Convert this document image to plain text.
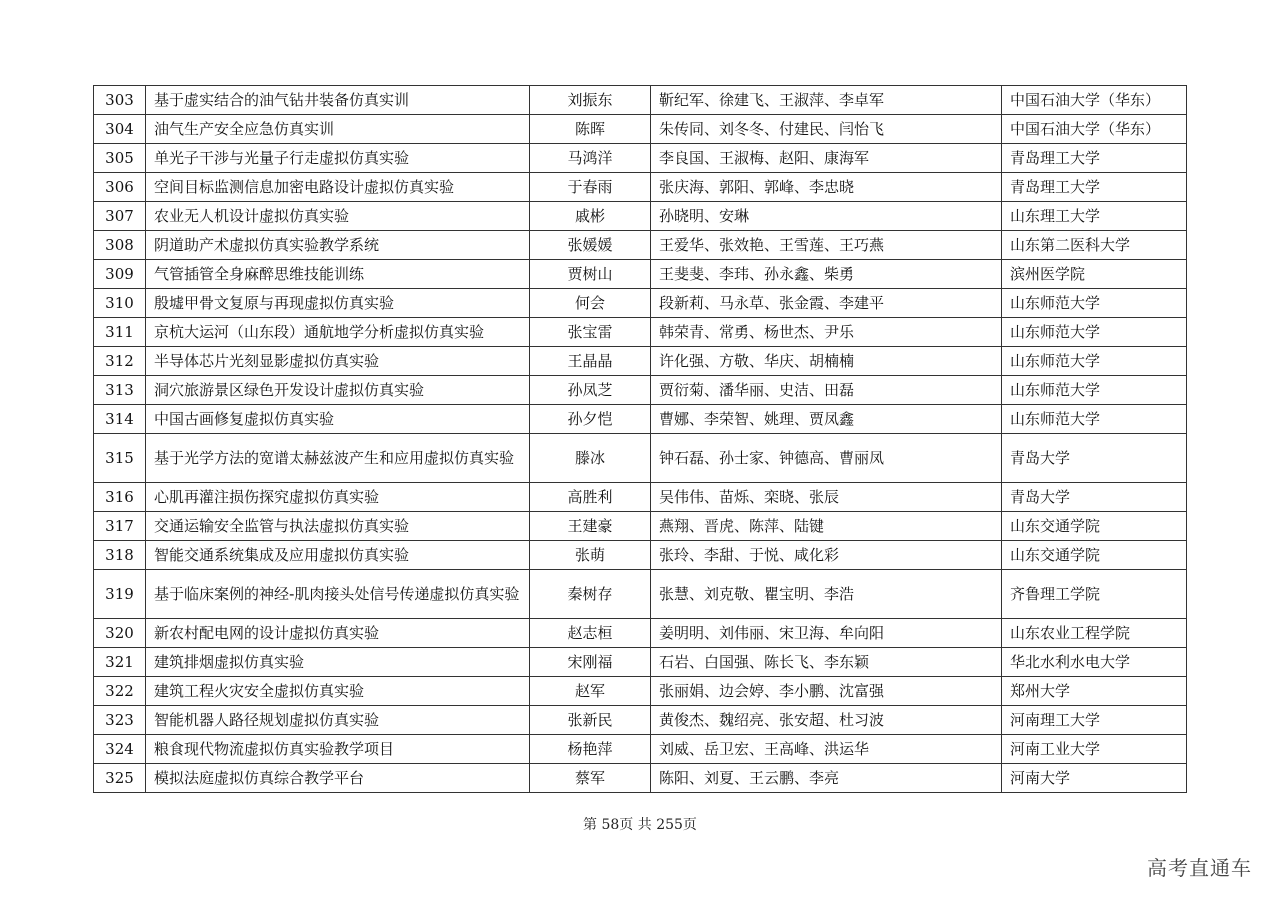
303	基于虚实结合的油气钻井装备仿真实训	刘振东	靳纪军、徐建飞、王淑萍、李卓军	中国石油大学（华东）
304	油气生产安全应急仿真实训	陈晖	朱传同、刘冬冬、付建民、闫怡飞	中国石油大学（华东）
305	单光子干涉与光量子行走虚拟仿真实验	马鸿洋	李良国、王淑梅、赵阳、康海军	青岛理工大学
306	空间目标监测信息加密电路设计虚拟仿真实验	于春雨	张庆海、郭阳、郭峰、李忠晓	青岛理工大学
307	农业无人机设计虚拟仿真实验	戚彬	孙晓明、安琳	山东理工大学
308	阴道助产术虚拟仿真实验教学系统	张媛媛	王爱华、张效艳、王雪莲、王巧燕	山东第二医科大学
309	气管插管全身麻醉思维技能训练	贾树山	王斐斐、李玮、孙永鑫、柴勇	滨州医学院
310	殷墟甲骨文复原与再现虚拟仿真实验	何会	段新莉、马永草、张金霞、李建平	山东师范大学
311	京杭大运河（山东段）通航地学分析虚拟仿真实验	张宝雷	韩荣青、常勇、杨世杰、尹乐	山东师范大学
312	半导体芯片光刻显影虚拟仿真实验	王晶晶	许化强、方敬、华庆、胡楠楠	山东师范大学
313	洞穴旅游景区绿色开发设计虚拟仿真实验	孙凤芝	贾衍菊、潘华丽、史洁、田磊	山东师范大学
314	中国古画修复虚拟仿真实验	孙夕恺	曹娜、李荣智、姚理、贾凤鑫	山东师范大学
315	基于光学方法的宽谱太赫兹波产生和应用虚拟仿真实验	滕冰	钟石磊、孙士家、钟德高、曹丽凤	青岛大学
316	心肌再灌注损伤探究虚拟仿真实验	高胜利	吴伟伟、苗烁、栾晓、张辰	青岛大学
317	交通运输安全监管与执法虚拟仿真实验	王建豪	燕翔、晋虎、陈萍、陆键	山东交通学院
318	智能交通系统集成及应用虚拟仿真实验	张萌	张玲、李甜、于悦、咸化彩	山东交通学院
319	基于临床案例的神经-肌肉接头处信号传递虚拟仿真实验	秦树存	张慧、刘克敬、瞿宝明、李浩	齐鲁理工学院
320	新农村配电网的设计虚拟仿真实验	赵志桓	姜明明、刘伟丽、宋卫海、牟向阳	山东农业工程学院
321	建筑排烟虚拟仿真实验	宋刚福	石岩、白国强、陈长飞、李东颖	华北水利水电大学
322	建筑工程火灾安全虚拟仿真实验	赵军	张丽娟、边会婷、李小鹏、沈富强	郑州大学
323	智能机器人路径规划虚拟仿真实验	张新民	黄俊杰、魏绍亮、张安超、杜习波	河南理工大学
324	粮食现代物流虚拟仿真实验教学项目	杨艳萍	刘威、岳卫宏、王高峰、洪运华	河南工业大学
325	模拟法庭虚拟仿真综合教学平台	蔡军	陈阳、刘夏、王云鹏、李亮	河南大学
第 58页 共 255页
高考直通车
